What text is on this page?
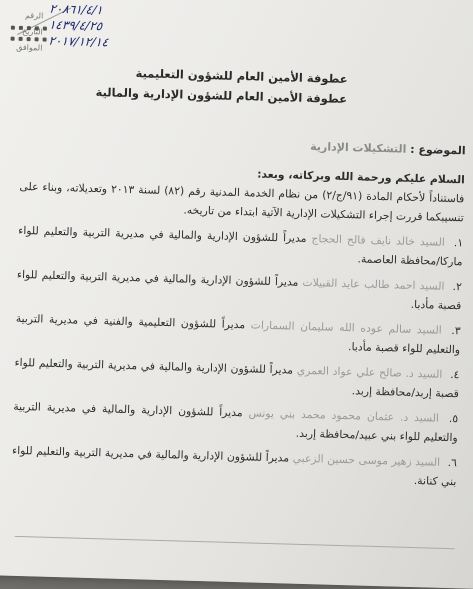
الرقم
التاريخ
الموافق
٢٠٨٦١/٤/١
١٤٣٩/٤/٢٥
٢٠١٧/١٢/١٤
عطوفة الأمين العام للشؤون التعليمية
عطوفة الأمين العام للشؤون الإدارية والمالية
الموضوع : التشكيلات الإدارية

السلام عليكم ورحمة الله وبركاته، وبعد:

فاستناداً لأحكام المادة (٩١/ج/٢) من نظام الخدمة المدنية رقم (٨٢) لسنة ٢٠١٣ وتعديلاته، وبناء على تنسيبكما قررت إجراء التشكيلات الإدارية الآتية ابتداء من تاريخه.

١. السيد خالد نايف فالح الحجاج مديراً للشؤون الإدارية والمالية في مديرية التربية والتعليم للواء ماركا/محافظة العاصمة.
٢. السيد احمد طالب عايد القبيلات مديراً للشؤون الإدارية والمالية في مديرية التربية والتعليم للواء قصبة مأدبا.
٣. السيد سالم عوده الله سليمان السمارات مديراً للشؤون التعليمية والفنية في مديرية التربية والتعليم للواء قصبة مأدبا.
٤. السيد د. صالح علي عواد العمري مديراً للشؤون الإدارية والمالية في مديرية التربية والتعليم للواء قصبة إربد/محافظة إربد.
٥. السيد د. عثمان محمود محمد بني يونس مديراً للشؤون الإدارية والمالية في مديرية التربية والتعليم للواء بني عبيد/محافظة إربد.
٦. السيد زهير موسى حسين الزعبي مديراً للشؤون الإدارية والمالية في مديرية التربية والتعليم للواء بني كنانة.
